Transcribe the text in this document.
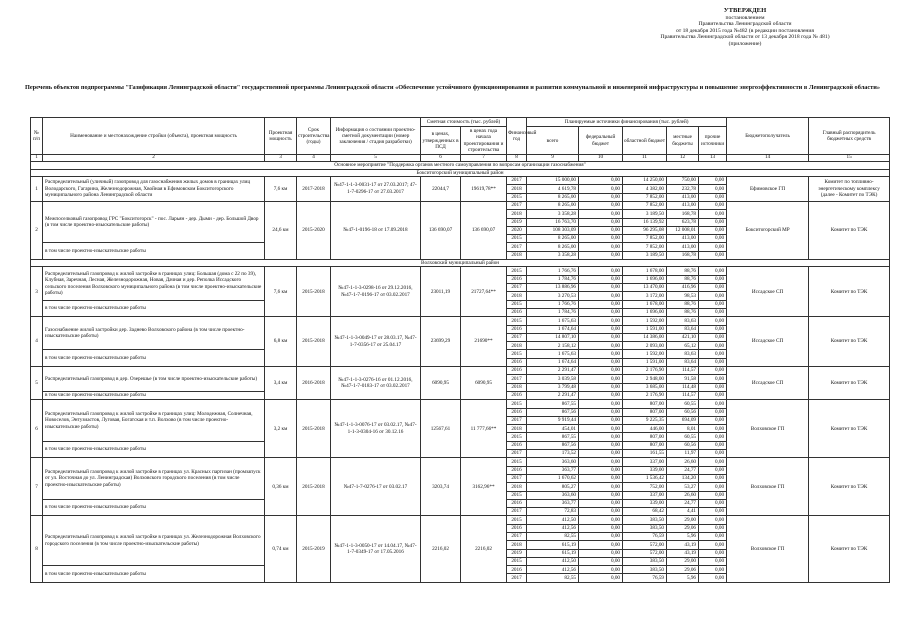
УТВЕРЖДЕН
постановлением
Правительства Ленинградской области
от 18 декабря 2015 года №482 (в редакции постановления
Правительства Ленинградской области от 13 декабря 2018 года № 481)
(приложение)
Перечень объектов подпрограммы "Газификация Ленинградской области" государственной программы Ленинградской области «Обеспечение устойчивого функционирования и развития коммунальной и инженерной инфраструктуры и повышение энергоэффективности в Ленинградской области»
№ п/п	Наименование и местонахождение стройки (объекта), проектная мощность	Проектная мощность	Срок строительства (годы)	Информация о состоянии проектно-сметной документации (номер заключения / стадия разработки)	Сметная стоимость (тыс. рублей)		Финансовый год	Планируемые источники финансирования (тыс. рублей)					Бюджетополучатель	Главный распорядитель бюджетных средств
					в ценах, утвержденных в ПСД	в ценах года начала проектирования и строительства		всего	федеральный бюджет	областной бюджет	местные бюджеты	прочие источники		
1	2	3	4	5	6	7	8	9	10	11	12	13	14	15
Основное мероприятие "Поддержка органов местного самоуправления по вопросам организации газоснабжения"														
Бокситогорский муниципальный район														
1	Распределительный (уличный) газопровод для газоснабжения жилых домов в границах улиц Володарского, Гагарина, Железнодорожная, Хвойная в Ефимовском Бокситогорского муниципального района Ленинградской области	7,6 км	2017-2018	№47-1-1-3-0031-17 от 27.03.2017; 47-1-7-0296-17 от 27.03.2017	22044,7	19619,78**	2017	15 000,00	0,00	14 250,00	750,00	0,00	Ефимовское ГП	Комитет по топливно-энергетическому комплексу (далее - Комитет по ТЭК)
							2018	4 619,78	0,00	4 382,00	232,78	0,00		
							2015	8 265,00	0,00	7 852,00	413,00	0,00		
2	Межпоселковый газопровод ГРС "Бокситогорск" - пос. Ларьян - дер. Дыми - дер. Большой Двор (в том числе проектно-изыскательские работы)	24,6 км	2015-2020	№47-1-0196-18 от 17.09.2018	136 690,07	136 690,07	2017	8 265,00	0,00	7 852,00	413,00	0,00	Бокситогорский МР	Комитет по ТЭК
							2018	3 358,28	0,00	3 189,50	168,78	0,00		
							2019	16 763,70	0,00	16 139,92	623,78	0,00		
							2020	108 303,09	0,00	96 295,08	12 008,01	0,00		
							2015	8 265,00	0,00	7 852,00	413,00	0,00		
	в том числе проектно-изыскательские работы						2017	8 265,00	0,00	7 852,00	413,00	0,00		
							2018	3 358,28	0,00	3 189,50	168,78	0,00		
Волховский муниципальный район														
3	Распределительный газопровод к жилой застройке в границах улиц: Большая (дома с 22 по 39), Клубная, Заречная, Лесная, Железнодорожная, Новая, Дачная и дер. Реполка Иссадского сельского поселения Волховского муниципального района (в том числе проектно-изыскательские работы)	7,6 км	2015-2018	№47-1-1-3-0298-16 от 29.12.2016, №47-1-7-0196-17 от 03.02.2017	23011,19	21727,64**	2015	1 766,76	0,00	1 678,00	88,76	0,00	Иссадское СП	Комитет по ТЭК
							2016	1 784,76	0,00	1 696,00	88,76	0,00		
							2017	13 886,96	0,00	13 470,00	416,96	0,00		
							2018	3 270,53	0,00	3 172,00	98,53	0,00		
	в том числе проектно-изыскательские работы						2015	1 766,76	0,00	1 678,00	88,76	0,00		
							2016	1 784,76	0,00	1 696,00	88,76	0,00		
4	Газоснабжение жилой застройки дер. Заднево Волховского района (в том числе проектно-изыскательские работы)	6,8 км	2015-2018	№47-1-1-3-0049-17 от 28.03.17, №47-1-7-0356-17 от 25.04.17	23699,29	21690**	2015	1 675,63	0,00	1 592,00	83,63	0,00	Иссадское СП	Комитет по ТЭК
							2016	1 674,64	0,00	1 591,00	83,64	0,00		
							2017	14 807,10	0,00	14 386,00	421,10	0,00		
							2018	2 158,12	0,00	2 093,00	65,12	0,00		
	в том числе проектно-изыскательские работы						2015	1 675,63	0,00	1 592,00	83,63	0,00		
							2016	1 674,64	0,00	1 591,00	83,64	0,00		
5	Распределительный газопровод в дер. Озерешье (в том числе проектно-изыскательские работы)	3,4 км	2016-2018	№47-1-1-3-0276-16 от 01.12.2016, №47-1-7-0183-17 от 03.02.2017	6090,95	6090,95	2016	2 291,47	0,00	2 176,90	114,57	0,00	Иссадское СП	Комитет по ТЭК
							2017	3 039,58	0,00	2 948,00	91,58	0,00		
							2018	3 799,48	0,00	3 685,00	114,48	0,00		
	в том числе проектно-изыскательские работы						2016	2 291,47	0,00	2 176,90	114,57	0,00		
6	Распределительный газопровод к жилой застройке в границах улиц: Молодежная, Солнечная, Новоселов, Энтузиастов, Луговая, Богатская и т.п. Волхово (в том числе проектно-изыскательские работы)	3,2 км	2015-2018	№47-1-1-3-0076-17 от 03.02.17, №47-1-1-3-0304-16 от 30.12.16	12567,61	11 777,66**	2015	867,55	0,00	807,00	60,55	0,00	Волховское ГП	Комитет по ТЭК
							2016	867,56	0,00	807,00	60,56	0,00		
							2017	9 919,44	0,00	9 225,35	694,09	0,00		
							2018	454,01	0,00	446,00	8,01	0,00		
							2015	867,55	0,00	807,00	60,55	0,00		
	в том числе проектно-изыскательские работы						2016	867,56	0,00	807,00	60,56	0,00		
							2017	173,52	0,00	161,55	11,97	0,00		
7	Распределительный газопровод к жилой застройке в границах ул. Красных партизан (промзапуск от ул. Восточная до ул. Ленинградская) Волховского городского поселения (в том числе проектно-изыскательские работы)	0,36 км	2015-2018	№47-1-7-0276-17 от 03.02.17	3203,74	3162,96**	2015	363,60	0,00	337,00	26,60	0,00	Волховское ГП	Комитет по ТЭК
							2016	363,77	0,00	339,00	24,77	0,00		
							2017	1 670,62	0,00	1 536,42	134,20	0,00		
							2018	805,27	0,00	752,00	53,27	0,00		
							2015	363,60	0,00	337,00	26,60	0,00		
	в том числе проектно-изыскательские работы						2016	363,77	0,00	339,00	24,77	0,00		
							2017	72,83	0,00	68,42	4,41	0,00		
8	Распределительный газопровод к жилой застройке в границах ул. Железнодорожная Волховского городского поселения (в том числе проектно-изыскательские работы)	0,74 км	2015-2019	№47-1-1-3-0050-17 от 14.04.17, №47-1-7-0349-17 от 17.05.2016	2216,02	2216,02	2015	412,50	0,00	383,50	29,00	0,00	Волховское ГП	Комитет по ТЭК
							2016	412,56	0,00	383,50	29,06	0,00		
							2017	82,55	0,00	76,59	5,96	0,00		
							2018	615,19	0,00	572,00	43,19	0,00		
							2019	615,19	0,00	572,00	43,19	0,00		
							2015	412,50	0,00	383,50	29,00	0,00		
	в том числе проектно-изыскательские работы						2016	412,56	0,00	383,50	29,06	0,00		
							2017	82,55	0,00	76,59	5,96	0,00		
